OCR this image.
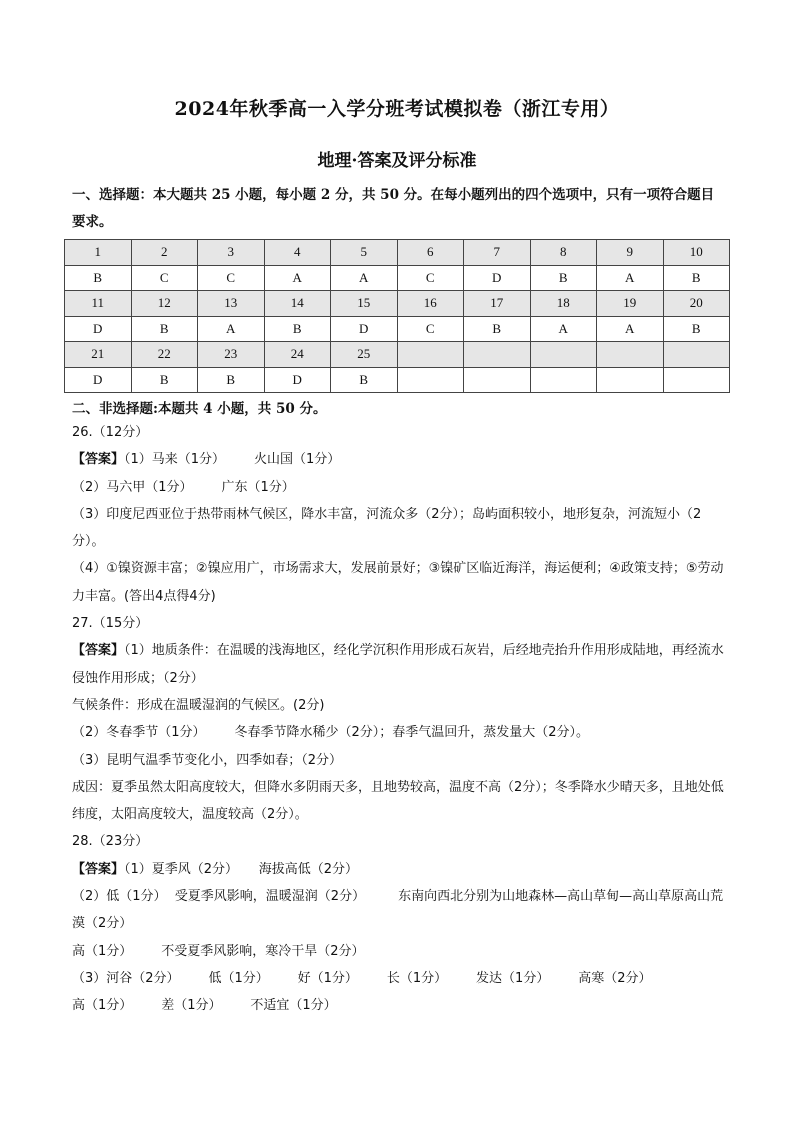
2024年秋季高一入学分班考试模拟卷（浙江专用）
地理·答案及评分标准
一、选择题：本大题共 25 小题，每小题 2 分，共 50 分。在每小题列出的四个选项中，只有一项符合题目要求。
1	2	3	4	5	6	7	8	9	10
B	C	C	A	A	C	D	B	A	B
11	12	13	14	15	16	17	18	19	20
D	B	A	B	D	C	B	A	A	B
21	22	23	24	25					
D	B	B	D	B					
二、非选择题:本题共 4 小题，共 50 分。
26.（12分）
【答案】（1）马来（1分）       火山国（1分）
（2）马六甲（1分）       广东（1分）
（3）印度尼西亚位于热带雨林气候区，降水丰富，河流众多（2分）；岛屿面积较小，地形复杂，河流短小（2分）。
（4）①镍资源丰富；②镍应用广，市场需求大，发展前景好；③镍矿区临近海洋，海运便利；④政策支持；⑤劳动力丰富。(答出4点得4分)
27.（15分）
【答案】（1）地质条件：在温暖的浅海地区，经化学沉积作用形成石灰岩，后经地壳抬升作用形成陆地，再经流水侵蚀作用形成；（2分）
气候条件：形成在温暖湿润的气候区。(2分)
（2）冬春季节（1分）       冬春季节降水稀少（2分）；春季气温回升，蒸发量大（2分）。
（3）昆明气温季节变化小，四季如春；（2分）
成因：夏季虽然太阳高度较大，但降水多阴雨天多，且地势较高，温度不高（2分）；冬季降水少晴天多，且地处低纬度，太阳高度较大，温度较高（2分）。
28.（23分）
【答案】（1）夏季风（2分）     海拔高低（2分）
（2）低（1分）  受夏季风影响，温暖湿润（2分）        东南向西北分别为山地森林—高山草甸—高山草原高山荒漠（2分）
高（1分）       不受夏季风影响，寒冷干旱（2分）
（3）河谷（2分）       低（1分）       好（1分）       长（1分）       发达（1分）       高寒（2分）
高（1分）       差（1分）       不适宜（1分）
